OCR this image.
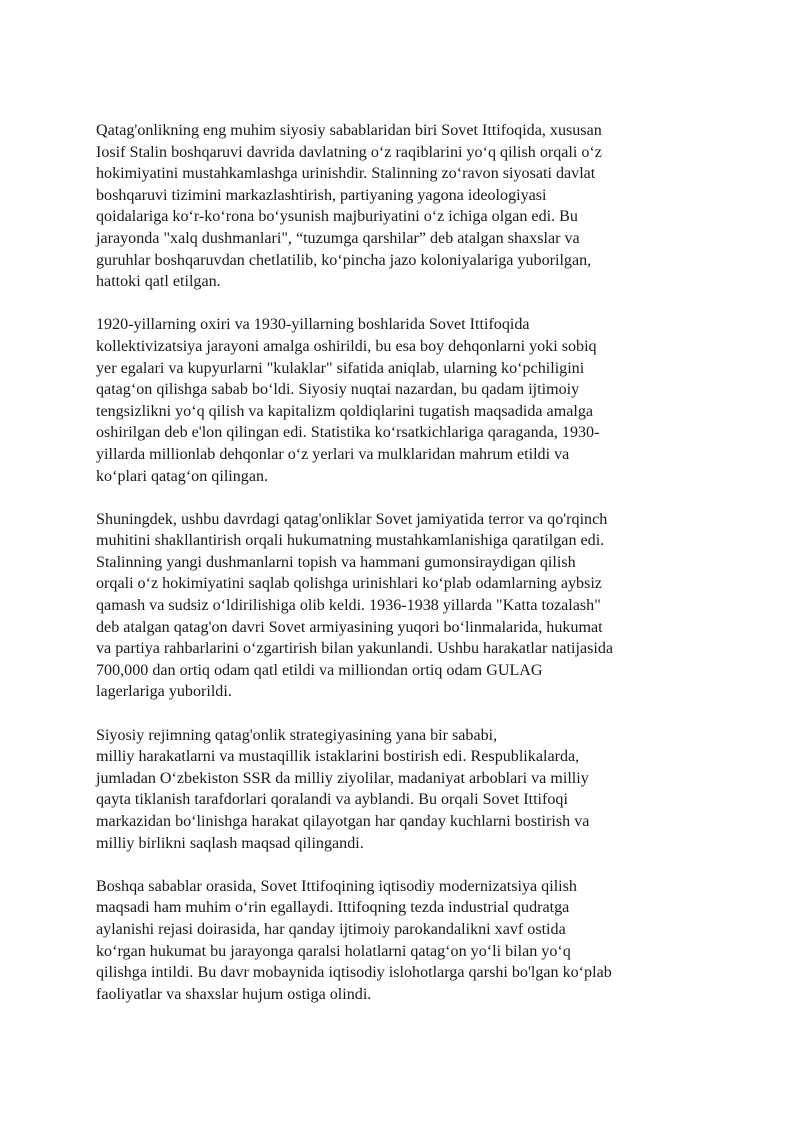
Qatag'onlikning eng muhim siyosiy sabablaridan biri Sovet Ittifoqida, xususan
Iosif Stalin boshqaruvi davrida davlatning oʻz raqiblarini yoʻq qilish orqali oʻz
hokimiyatini mustahkamlashga urinishdir. Stalinning zoʻravon siyosati davlat
boshqaruvi tizimini markazlashtirish, partiyaning yagona ideologiyasi
qoidalariga koʻr-koʻrona boʻysunish majburiyatini oʻz ichiga olgan edi. Bu
jarayonda "xalq dushmanlari", “tuzumga qarshilar” deb atalgan shaxslar va
guruhlar boshqaruvdan chetlatilib, koʻpincha jazo koloniyalariga yuborilgan,
hattoki qatl etilgan.

1920-yillarning oxiri va 1930-yillarning boshlarida Sovet Ittifoqida
kollektivizatsiya jarayoni amalga oshirildi, bu esa boy dehqonlarni yoki sobiq
yer egalari va kupyurlarni "kulaklar" sifatida aniqlab, ularning koʻpchiligini
qatagʻon qilishga sabab boʻldi. Siyosiy nuqtai nazardan, bu qadam ijtimoiy
tengsizlikni yoʻq qilish va kapitalizm qoldiqlarini tugatish maqsadida amalga
oshirilgan deb e'lon qilingan edi. Statistika koʻrsatkichlariga qaraganda, 1930-
yillarda millionlab dehqonlar oʻz yerlari va mulklaridan mahrum etildi va
koʻplari qatagʻon qilingan.

Shuningdek, ushbu davrdagi qatag'onliklar Sovet jamiyatida terror va qo'rqinch
muhitini shakllantirish orqali hukumatning mustahkamlanishiga qaratilgan edi.
Stalinning yangi dushmanlarni topish va hammani gumonsiraydigan qilish
orqali oʻz hokimiyatini saqlab qolishga urinishlari koʻplab odamlarning aybsiz
qamash va sudsiz oʻldirilishiga olib keldi. 1936-1938 yillarda "Katta tozalash"
deb atalgan qatag'on davri Sovet armiyasining yuqori boʻlinmalarida, hukumat
va partiya rahbarlarini oʻzgartirish bilan yakunlandi. Ushbu harakatlar natijasida
700,000 dan ortiq odam qatl etildi va milliondan ortiq odam GULAG
lagerlariga yuborildi.

Siyosiy rejimning qatag'onlik strategiyasining yana bir sababi,
milliy harakatlarni va mustaqillik istaklarini bostirish edi. Respublikalarda,
jumladan Oʻzbekiston SSR da milliy ziyolilar, madaniyat arboblari va milliy
qayta tiklanish tarafdorlari qoralandi va ayblandi. Bu orqali Sovet Ittifoqi
markazidan boʻlinishga harakat qilayotgan har qanday kuchlarni bostirish va
milliy birlikni saqlash maqsad qilingandi.

Boshqa sabablar orasida, Sovet Ittifoqining iqtisodiy modernizatsiya qilish
maqsadi ham muhim oʻrin egallaydi. Ittifoqning tezda industrial qudratga
aylanishi rejasi doirasida, har qanday ijtimoiy parokandalikni xavf ostida
koʻrgan hukumat bu jarayonga qaralsi holatlarni qatagʻon yoʻli bilan yoʻq
qilishga intildi. Bu davr mobaynida iqtisodiy islohotlarga qarshi bo'lgan koʻplab
faoliyatlar va shaxslar hujum ostiga olindi.
